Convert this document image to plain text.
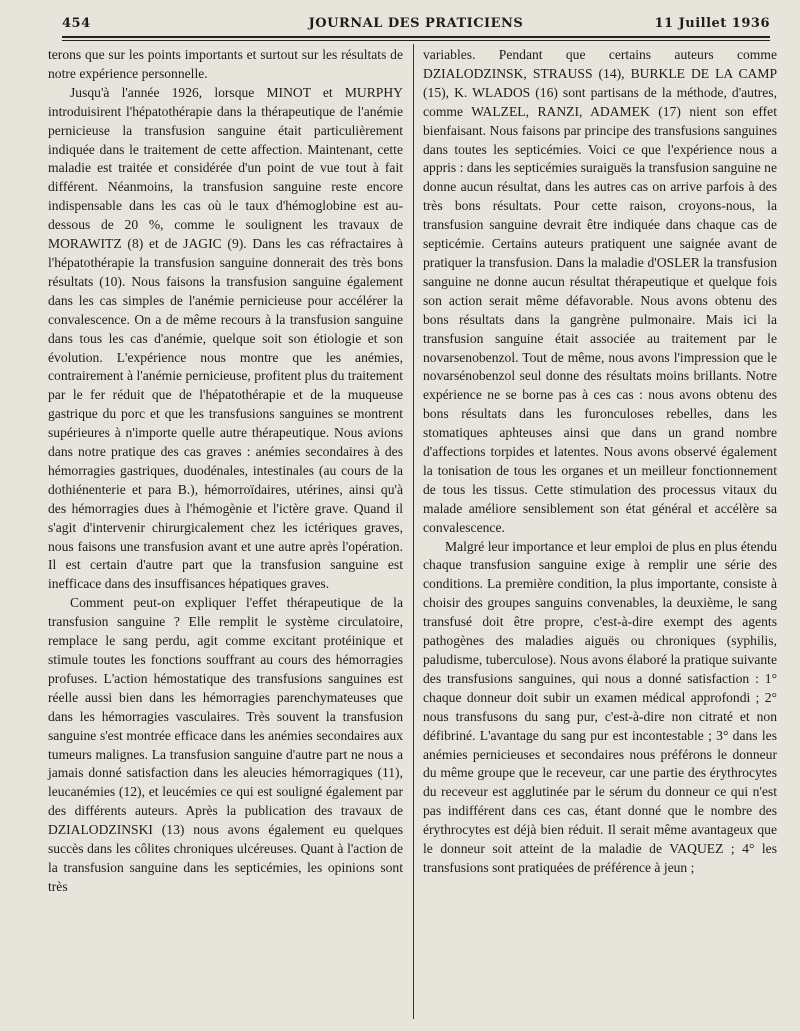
454	JOURNAL DES PRATICIENS	11 Juillet 1936

terons que sur les points importants et surtout sur les résultats de notre expérience personnelle.

Jusqu'à l'année 1926, lorsque MINOT et MURPHY introduisirent l'hépatothérapie dans la thérapeutique de l'anémie pernicieuse la transfusion sanguine était particulièrement indiquée dans le traitement de cette affection. Maintenant, cette maladie est traitée et considérée d'un point de vue tout à fait différent. Néanmoins, la transfusion sanguine reste encore indispensable dans les cas où le taux d'hémoglobine est au-dessous de 20 %, comme le soulignent les travaux de MORAWITZ (8) et de JAGIC (9). Dans les cas réfractaires à l'hépatothérapie la transfusion sanguine donnerait des très bons résultats (10). Nous faisons la transfusion sanguine également dans les cas simples de l'anémie pernicieuse pour accélérer la convalescence. On a de même recours à la transfusion sanguine dans tous les cas d'anémie, quelque soit son étiologie et son évolution. L'expérience nous montre que les anémies, contrairement à l'anémie pernicieuse, profitent plus du traitement par le fer réduit que de l'hépatothérapie et de la muqueuse gastrique du porc et que les transfusions sanguines se montrent supérieures à n'importe quelle autre thérapeutique. Nous avions dans notre pratique des cas graves : anémies secondaires à des hémorragies gastriques, duodénales, intestinales (au cours de la dothiénenterie et para B.), hémorroïdaires, utérines, ainsi qu'à des hémorragies dues à l'hémogènie et l'ictère grave. Quand il s'agit d'intervenir chirurgicalement chez les ictériques graves, nous faisons une transfusion avant et une autre après l'opération. Il est certain d'autre part que la transfusion sanguine est inefficace dans des insuffisances hépatiques graves.

Comment peut-on expliquer l'effet thérapeutique de la transfusion sanguine ? Elle remplit le système circulatoire, remplace le sang perdu, agit comme excitant protéinique et stimule toutes les fonctions souffrant au cours des hémorragies profuses. L'action hémostatique des transfusions sanguines est réelle aussi bien dans les hémorragies parenchymateuses que dans les hémorragies vasculaires. Très souvent la transfusion sanguine s'est montrée efficace dans les anémies secondaires aux tumeurs malignes. La transfusion sanguine d'autre part ne nous a jamais donné satisfaction dans les aleucies hémorragiques (11), leucanémies (12), et leucémies ce qui est souligné également par des différents auteurs. Après la publication des travaux de DZIALODZINSKI (13) nous avons également eu quelques succès dans les côlites chroniques ulcéreuses. Quant à l'action de la transfusion sanguine dans les septicémies, les opinions sont très

variables. Pendant que certains auteurs comme DZIALODZINSK, STRAUSS (14), BURKLE DE LA CAMP (15), K. WLADOS (16) sont partisans de la méthode, d'autres, comme WALZEL, RANZI, ADAMEK (17) nient son effet bienfaisant. Nous faisons par principe des transfusions sanguines dans toutes les septicémies. Voici ce que l'expérience nous a appris : dans les septicémies suraiguës la transfusion sanguine ne donne aucun résultat, dans les autres cas on arrive parfois à des très bons résultats. Pour cette raison, croyons-nous, la transfusion sanguine devrait être indiquée dans chaque cas de septicémie. Certains auteurs pratiquent une saignée avant de pratiquer la transfusion. Dans la maladie d'OSLER la transfusion sanguine ne donne aucun résultat thérapeutique et quelque fois son action serait même défavorable. Nous avons obtenu des bons résultats dans la gangrène pulmonaire. Mais ici la transfusion sanguine était associée au traitement par le novarsenobenzol. Tout de même, nous avons l'impression que le novarsénobenzol seul donne des résultats moins brillants. Notre expérience ne se borne pas à ces cas : nous avons obtenu des bons résultats dans les furonculoses rebelles, dans les stomatiques aphteuses ainsi que dans un grand nombre d'affections torpides et latentes. Nous avons observé également la tonisation de tous les organes et un meilleur fonctionnement de tous les tissus. Cette stimulation des processus vitaux du malade améliore sensiblement son état général et accélère sa convalescence.

Malgré leur importance et leur emploi de plus en plus étendu chaque transfusion sanguine exige à remplir une série des conditions. La première condition, la plus importante, consiste à choisir des groupes sanguins convenables, la deuxième, le sang transfusé doit être propre, c'est-à-dire exempt des agents pathogènes des maladies aiguës ou chroniques (syphilis, paludisme, tuberculose). Nous avons élaboré la pratique suivante des transfusions sanguines, qui nous a donné satisfaction : 1° chaque donneur doit subir un examen médical approfondi ; 2° nous transfusons du sang pur, c'est-à-dire non citraté et non défibriné. L'avantage du sang pur est incontestable ; 3° dans les anémies pernicieuses et secondaires nous préférons le donneur du même groupe que le receveur, car une partie des érythrocytes du receveur est agglutinée par le sérum du donneur ce qui n'est pas indifférent dans ces cas, étant donné que le nombre des érythrocytes est déjà bien réduit. Il serait même avantageux que le donneur soit atteint de la maladie de VAQUEZ ; 4° les transfusions sont pratiquées de préférence à jeun ;
